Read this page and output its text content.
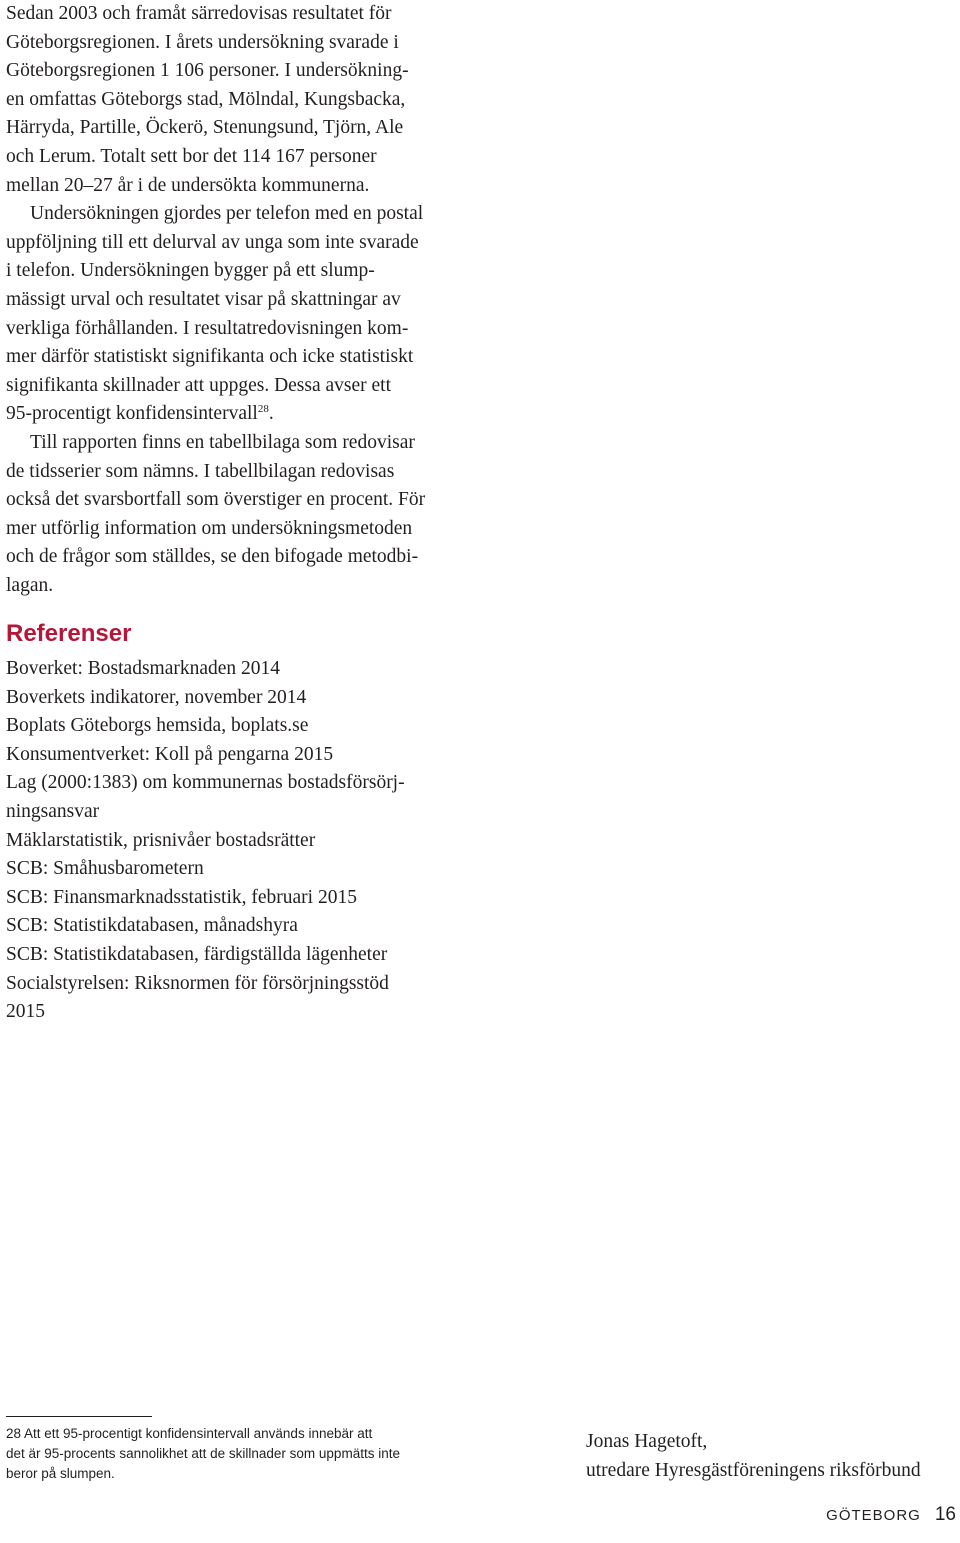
Sedan 2003 och framåt särredovisas resultatet för
Göteborgsregionen. I årets undersökning svarade i
Göteborgsregionen 1 106 personer. I undersökning-
en omfattas Göteborgs stad, Mölndal, Kungsbacka,
Härryda, Partille, Öckerö, Stenungsund, Tjörn, Ale
och Lerum. Totalt sett bor det 114 167 personer
mellan 20–27 år i de undersökta kommunerna.

Undersökningen gjordes per telefon med en postal
uppföljning till ett delurval av unga som inte svarade
i telefon. Undersökningen bygger på ett slump-
mässigt urval och resultatet visar på skattningar av
verkliga förhållanden. I resultatredovisningen kom-
mer därför statistiskt signifikanta och icke statistiskt
signifikanta skillnader att uppges. Dessa avser ett
95-procentigt konfidensintervall$^{28}$.

Till rapporten finns en tabellbilaga som redovisar
de tidsserier som nämns. I tabellbilagan redovisas
också det svarsbortfall som överstiger en procent. För
mer utförlig information om undersökningsmetoden
och de frågor som ställdes, se den bifogade metodbi-
lagan.

Referenser
Boverket: Bostadsmarknaden 2014
Boverkets indikatorer, november 2014
Boplats Göteborgs hemsida, boplats.se
Konsumentverket: Koll på pengarna 2015
Lag (2000:1383) om kommunernas bostadsförsörj-
ningsansvar
Mäklarstatistik, prisnivåer bostadsrätter
SCB: Småhusbarometern
SCB: Finansmarknadsstatistik, februari 2015
SCB: Statistikdatabasen, månadshyra
SCB: Statistikdatabasen, färdigställda lägenheter
Socialstyrelsen: Riksnormen för försörjningsstöd
2015

28 Att ett 95-procentigt konfidensintervall används innebär att
det är 95-procents sannolikhet att de skillnader som uppmätts inte
beror på slumpen.

Jonas Hagetoft,
utredare Hyresgästföreningens riksförbund

GÖTEBORG 16
